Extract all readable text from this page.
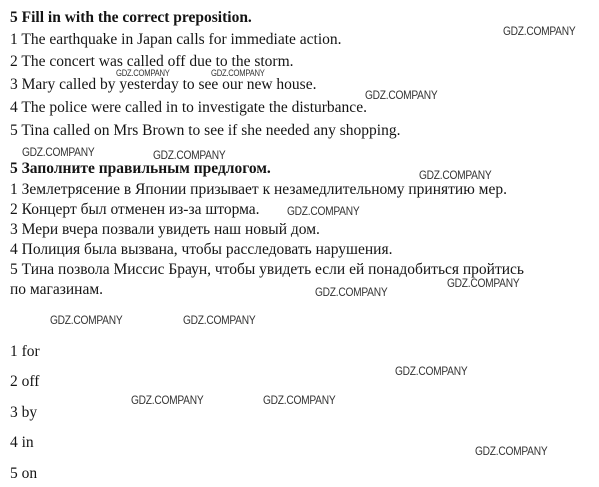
5 Fill in with the correct preposition.
1 The earthquake in Japan calls for immediate action.
2 The concert was called off due to the storm.
3 Mary called by yesterday to see our new house.
4 The police were called in to investigate the disturbance.
5 Tina called on Mrs Brown to see if she needed any shopping.
5 Заполните правильным предлогом.
1 Землетрясение в Японии призывает к незамедлительному принятию мер.
2 Концерт был отменен из-за шторма.
3 Мери вчера позвали увидеть наш новый дом.
4 Полиция была вызвана, чтобы расследовать нарушения.
5 Тина позвола Миссис Браун, чтобы увидеть если ей понадобиться пройтись
по магазинам.
1 for
2 off
3 by
4 in
5 on
GDZ.COMPANY
GDZ.COMPANY	GDZ.COMPANY
GDZ.COMPANY
GDZ.COMPANY	GDZ.COMPANY
GDZ.COMPANY
GDZ.COMPANY
GDZ.COMPANY
GDZ.COMPANY
GDZ.COMPANY	GDZ.COMPANY
GDZ.COMPANY
GDZ.COMPANY	GDZ.COMPANY
GDZ.COMPANY
